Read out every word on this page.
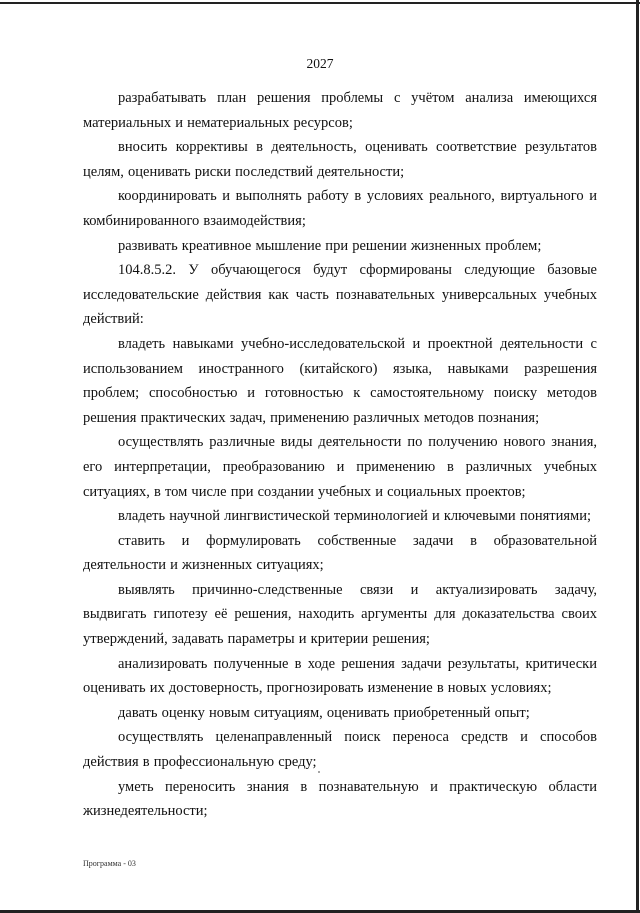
2027

разрабатывать план решения проблемы с учётом анализа имеющихся материальных и нематериальных ресурсов;

вносить коррективы в деятельность, оценивать соответствие результатов целям, оценивать риски последствий деятельности;

координировать и выполнять работу в условиях реального, виртуального и комбинированного взаимодействия;

развивать креативное мышление при решении жизненных проблем;

104.8.5.2. У обучающегося будут сформированы следующие базовые исследовательские действия как часть познавательных универсальных учебных действий:

владеть навыками учебно-исследовательской и проектной деятельности с использованием иностранного (китайского) языка, навыками разрешения проблем; способностью и готовностью к самостоятельному поиску методов решения практических задач, применению различных методов познания;

осуществлять различные виды деятельности по получению нового знания, его интерпретации, преобразованию и применению в различных учебных ситуациях, в том числе при создании учебных и социальных проектов;

владеть научной лингвистической терминологией и ключевыми понятиями;

ставить и формулировать собственные задачи в образовательной деятельности и жизненных ситуациях;

выявлять причинно-следственные связи и актуализировать задачу, выдвигать гипотезу её решения, находить аргументы для доказательства своих утверждений, задавать параметры и критерии решения;

анализировать полученные в ходе решения задачи результаты, критически оценивать их достоверность, прогнозировать изменение в новых условиях;

давать оценку новым ситуациям, оценивать приобретенный опыт;

осуществлять целенаправленный поиск переноса средств и способов действия в профессиональную среду;

уметь переносить знания в познавательную и практическую области жизнедеятельности;

Программа - 03
